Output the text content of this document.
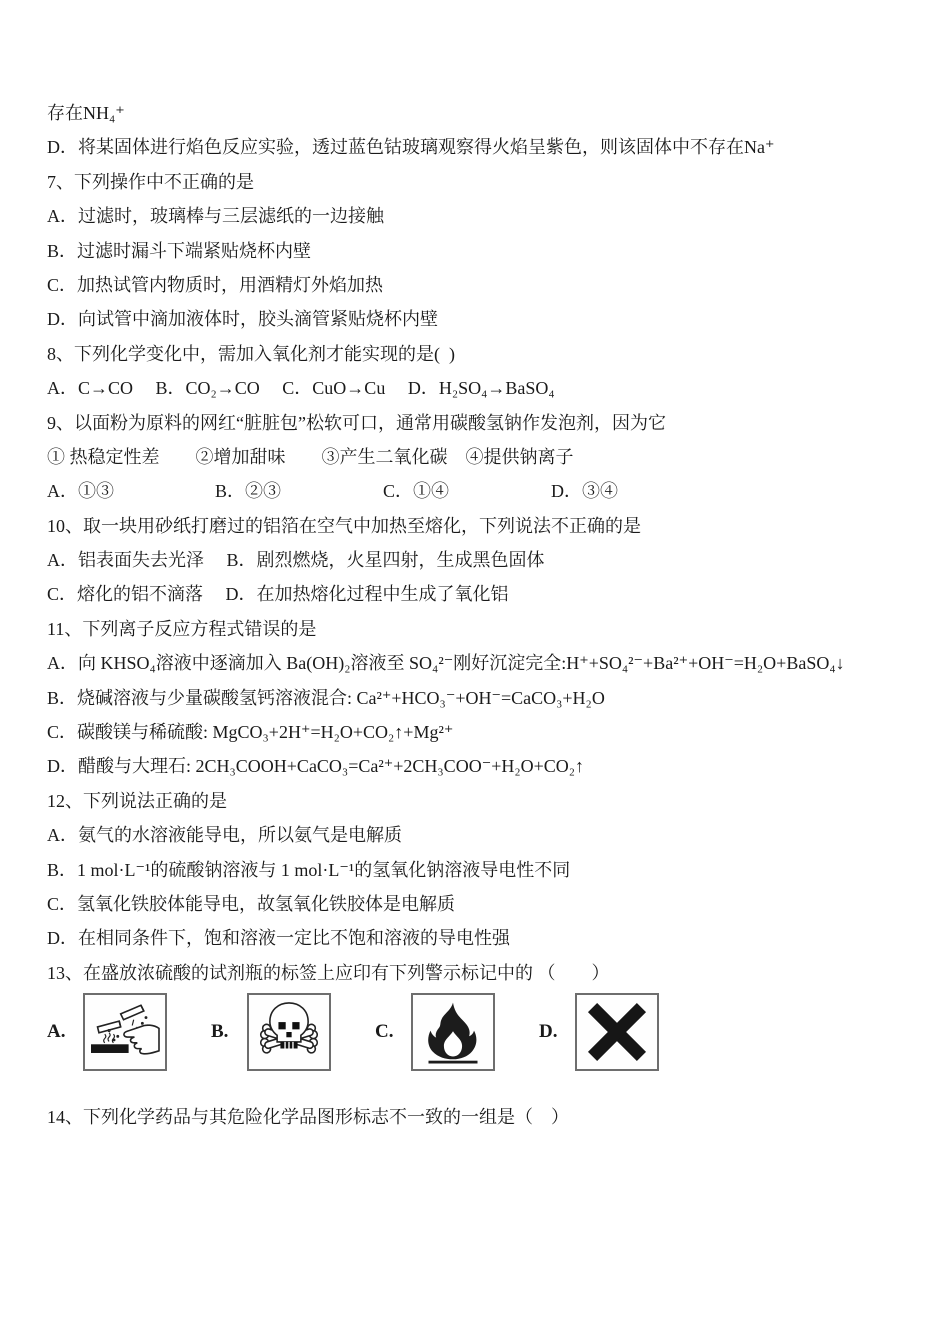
存在NH₄⁺
D．将某固体进行焰色反应实验，透过蓝色钴玻璃观察得火焰呈紫色，则该固体中不存在Na⁺
7、下列操作中不正确的是
A．过滤时，玻璃棒与三层滤纸的一边接触
B．过滤时漏斗下端紧贴烧杯内壁
C．加热试管内物质时，用酒精灯外焰加热
D．向试管中滴加液体时，胶头滴管紧贴烧杯内壁
8、下列化学变化中，需加入氧化剂才能实现的是(  )
A．C→CO　 B．CO₂→CO　 C．CuO→Cu　 D．H₂SO₄→BaSO₄
9、以面粉为原料的网红“脏脏包”松软可口，通常用碳酸氢钠作发泡剂，因为它
① 热稳定性差　　②增加甜味　　③产生二氧化碳　④提供钠离子
A．①③	B．②③	C．①④	D．③④
10、取一块用砂纸打磨过的铝箔在空气中加热至熔化，下列说法不正确的是
A．铝表面失去光泽　 B．剧烈燃烧，火星四射，生成黑色固体
C．熔化的铝不滴落　 D．在加热熔化过程中生成了氧化铝
11、下列离子反应方程式错误的是
A．向 KHSO₄溶液中逐滴加入 Ba(OH)₂溶液至 SO₄²⁻刚好沉淀完全:H⁺+SO₄²⁻+Ba²⁺+OH⁻=H₂O+BaSO₄↓
B．烧碱溶液与少量碳酸氢钙溶液混合: Ca²⁺+HCO₃⁻+OH⁻=CaCO₃+H₂O
C．碳酸镁与稀硫酸: MgCO₃+2H⁺=H₂O+CO₂↑+Mg²⁺
D．醋酸与大理石: 2CH₃COOH+CaCO₃=Ca²⁺+2CH₃COO⁻+H₂O+CO₂↑
12、下列说法正确的是
A．氨气的水溶液能导电，所以氨气是电解质
B．1 mol·L⁻¹的硫酸钠溶液与 1 mol·L⁻¹的氢氧化钠溶液导电性不同
C．氢氧化铁胶体能导电，故氢氧化铁胶体是电解质
D．在相同条件下，饱和溶液一定比不饱和溶液的导电性强
13、在盛放浓硫酸的试剂瓶的标签上应印有下列警示标记中的 （　　）
A.	B.	C.	D.
14、下列化学药品与其危险化学品图形标志不一致的一组是（　）
